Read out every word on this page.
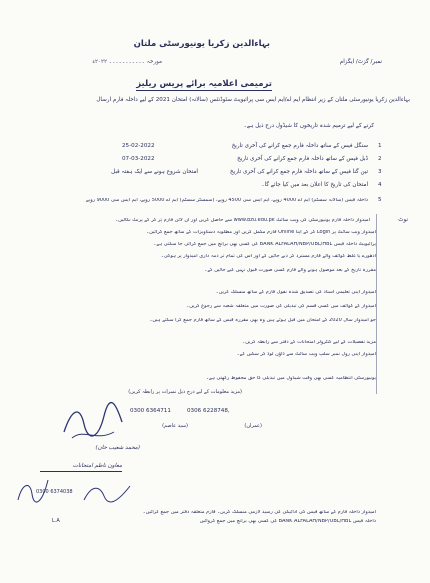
بہاءالدین زکریا یونیورسٹی ملتان
نمبر/ گزٹ/ ایگزام
مورخہ ۔۔۔۔۔۔۔۔۔۔۔ ۲۰۲۲ء
ترمیمی اعلامیہ برائے پریس ریلیز
بہاءالدین زکریا یونیورسٹی ملتان کے زیر انتظام ایم اے/ایم ایس سی پرائیویٹ سٹوڈنٹس (سالانہ) امتحان 2021 کے لیے داخلہ فارم ارسال
کرنے کے لیے ترمیم شدہ تاریخوں کا شیڈول درج ذیل ہے۔
1
سنگل فیس کے ساتھ داخلہ فارم جمع کرانے کی آخری تاریخ
25-02-2022
2
ڈبل فیس کے ساتھ داخلہ فارم جمع کرانے کی آخری تاریخ
07-03-2022
3
تین گنا فیس کے ساتھ داخلہ فارم جمع کرانے کی آخری تاریخ
امتحان شروع ہونے سے ایک ہفتہ قبل
4
امتحان کی تاریخ کا اعلان بعد میں کیا جائے گا۔
5
داخلہ فیس (سالانہ سسٹم) ایم اے 4000 روپے، ایم ایس سی 4500 روپے، (سمسٹر سسٹم) ایم اے 5000 روپے، ایم ایس سی 9000 روپے
نوٹ
امیدوار داخلہ فارم یونیورسٹی کی ویب سائٹ www.bzu.edu.pk سے حاصل کریں اور آن لائن فارم پُر کر کے پرنٹ نکالیں۔
امیدوار ویب سائٹ پر Login کر کے اپنا Online فارم مکمل کریں اور مطلوبہ دستاویزات کے ساتھ جمع کرائیں۔
پرائیویٹ داخلہ فیس BANK ALFALAH/NBP/UBL/HBL کی کسی بھی برانچ میں جمع کرائی جا سکتی ہے۔
ادھورے یا غلط کوائف والے فارم مسترد کر دیے جائیں گے اور اس کی تمام تر ذمہ داری امیدوار پر ہوگی۔
مقررہ تاریخ کے بعد موصول ہونے والے فارم کسی صورت قبول نہیں کیے جائیں گے۔
امیدوار اپنی تعلیمی اسناد کی تصدیق شدہ نقول فارم کے ساتھ منسلک کریں۔
امیدوار کے کوائف میں کسی قسم کی تبدیلی کی صورت میں متعلقہ شعبہ سے رجوع کریں۔
جو امیدوار سال 2020 کے امتحان میں فیل ہوئے ہیں وہ بھی مقررہ فیس کے ساتھ فارم جمع کرا سکتے ہیں۔
مزید تفصیلات کے لیے کنٹرولر امتحانات کے دفتر سے رابطہ کریں۔
امیدوار اپنی رول نمبر سلپ ویب سائٹ سے ڈاؤن لوڈ کر سکیں گے۔
یونیورسٹی انتظامیہ کسی بھی وقت شیڈول میں تبدیلی کا حق محفوظ رکھتی ہے۔
(مزید معلومات کے لیے درج ذیل نمبرات پر رابطہ کریں)
0300 6364711	0306 6228748,
(سید عاصم)	(عمران)
(محمد شعیب خان)
معاون ناظم امتحانات
0300 6374038
امیدوار داخلہ فارم کے ساتھ فیس کی ادائیگی کی رسید لازمی منسلک کریں۔ فارم متعلقہ دفتر میں جمع کرائیں۔
L.A	داخلہ فیس BANK ALFALAH/NBP/UBL/HBL کی کسی بھی برانچ میں جمع کروائیں
